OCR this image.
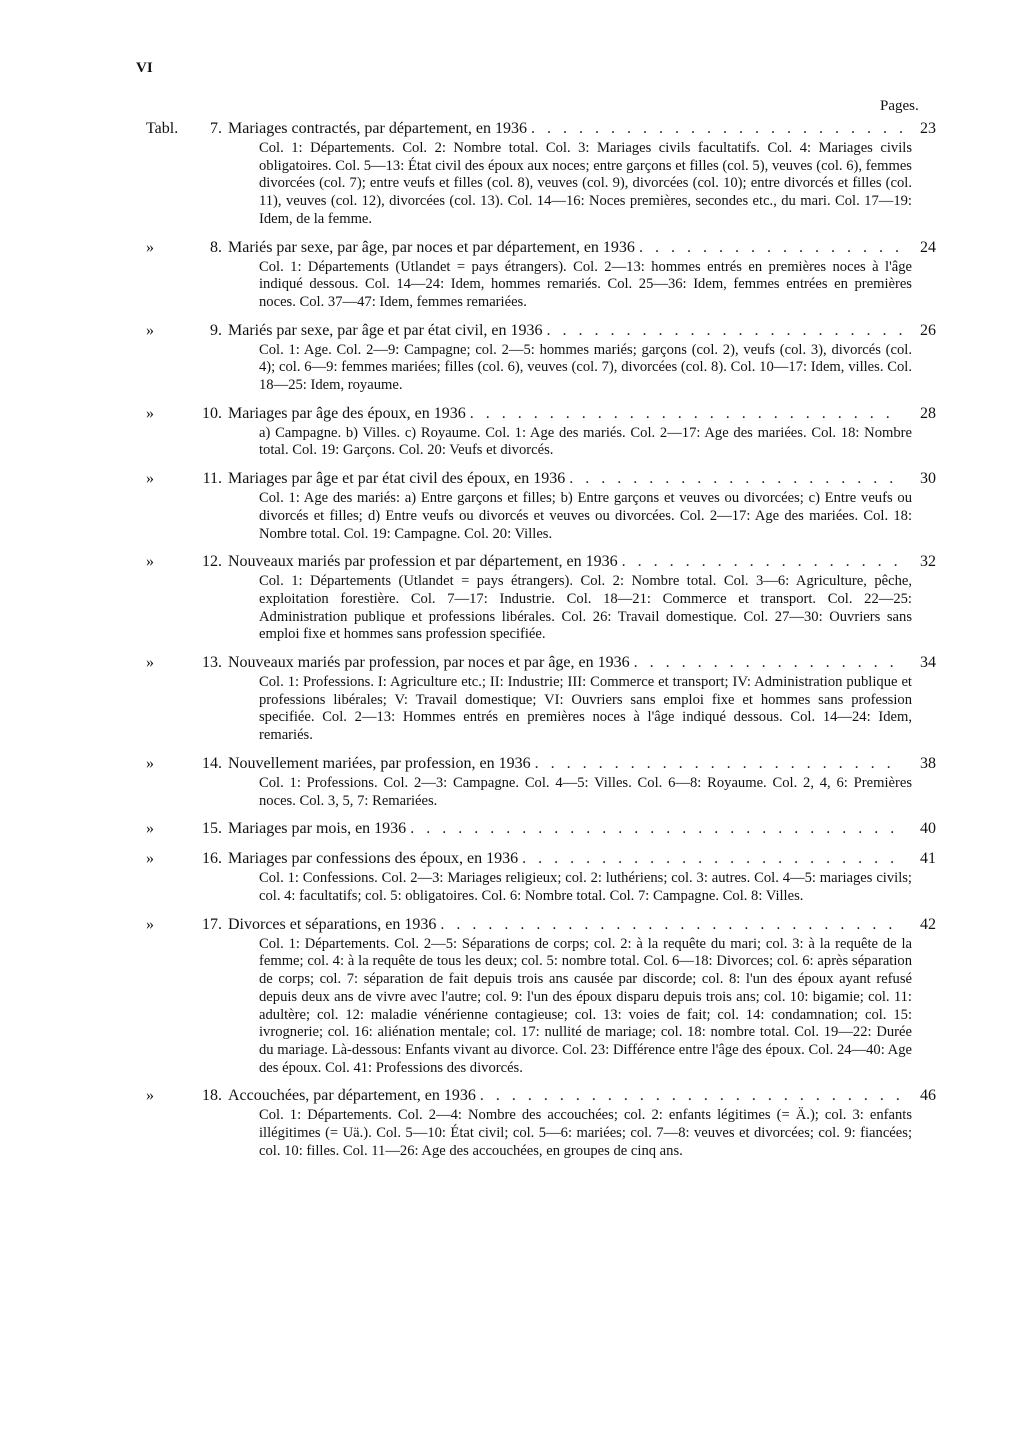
VI
Pages.
Tabl.	7. Mariages contractés, par département, en 1936 . . .	23
Col. 1: Départements. Col. 2: Nombre total. Col. 3: Mariages civils facultatifs. Col. 4: Mariages civils obligatoires. Col. 5—13: État civil des époux aux noces; entre garçons et filles (col. 5), veuves (col. 6), femmes divorcées (col. 7); entre veufs et filles (col. 8), veuves (col. 9), divorcées (col. 10); entre divorcés et filles (col. 11), veuves (col. 12), divorcées (col. 13). Col. 14—16: Noces premières, secondes etc., du mari. Col. 17—19: Idem, de la femme.
»	8. Mariés par sexe, par âge, par noces et par département, en 1936 . . .	24
Col. 1: Départements (Utlandet = pays étrangers). Col. 2—13: hommes entrés en premières noces à l'âge indiqué dessous. Col. 14—24: Idem, hommes remariés. Col. 25—36: Idem, femmes entrées en premières noces. Col. 37—47: Idem, femmes remariées.
»	9. Mariés par sexe, par âge et par état civil, en 1936 . . .	26
Col. 1: Age. Col. 2—9: Campagne; col. 2—5: hommes mariés; garçons (col. 2), veufs (col. 3), divorcés (col. 4); col. 6—9: femmes mariées; filles (col. 6), veuves (col. 7), divorcées (col. 8). Col. 10—17: Idem, villes. Col. 18—25: Idem, royaume.
»	10. Mariages par âge des époux, en 1936 . . .	28
a) Campagne. b) Villes. c) Royaume. Col. 1: Age des mariés. Col. 2—17: Age des mariées. Col. 18: Nombre total. Col. 19: Garçons. Col. 20: Veufs et divorcés.
»	11. Mariages par âge et par état civil des époux, en 1936 . . .	30
Col. 1: Age des mariés: a) Entre garçons et filles; b) Entre garçons et veuves ou divorcées; c) Entre veufs ou divorcés et filles; d) Entre veufs ou divorcés et veuves ou divorcées. Col. 2—17: Age des mariées. Col. 18: Nombre total. Col. 19: Campagne. Col. 20: Villes.
»	12. Nouveaux mariés par profession et par département, en 1936 . . .	32
Col. 1: Départements (Utlandet = pays étrangers). Col. 2: Nombre total. Col. 3—6: Agriculture, pêche, exploitation forestière. Col. 7—17: Industrie. Col. 18—21: Commerce et transport. Col. 22—25: Administration publique et professions libérales. Col. 26: Travail domestique. Col. 27—30: Ouvriers sans emploi fixe et hommes sans profession specifiée.
»	13. Nouveaux mariés par profession, par noces et par âge, en 1936 . . .	34
Col. 1: Professions. I: Agriculture etc.; II: Industrie; III: Commerce et transport; IV: Administration publique et professions libérales; V: Travail domestique; VI: Ouvriers sans emploi fixe et hommes sans profession specifiée. Col. 2—13: Hommes entrés en premières noces à l'âge indiqué dessous. Col. 14—24: Idem, remariés.
»	14. Nouvellement mariées, par profession, en 1936 . . .	38
Col. 1: Professions. Col. 2—3: Campagne. Col. 4—5: Villes. Col. 6—8: Royaume. Col. 2, 4, 6: Premières noces. Col. 3, 5, 7: Remariées.
»	15. Mariages par mois, en 1936 . . .	40
»	16. Mariages par confessions des époux, en 1936 . . .	41
Col. 1: Confessions. Col. 2—3: Mariages religieux; col. 2: luthériens; col. 3: autres. Col. 4—5: mariages civils; col. 4: facultatifs; col. 5: obligatoires. Col. 6: Nombre total. Col. 7: Campagne. Col. 8: Villes.
»	17. Divorces et séparations, en 1936 . . .	42
Col. 1: Départements. Col. 2—5: Séparations de corps; col. 2: à la requête du mari; col. 3: à la requête de la femme; col. 4: à la requête de tous les deux; col. 5: nombre total. Col. 6—18: Divorces; col. 6: après séparation de corps; col. 7: séparation de fait depuis trois ans causée par discorde; col. 8: l'un des époux ayant refusé depuis deux ans de vivre avec l'autre; col. 9: l'un des époux disparu depuis trois ans; col. 10: bigamie; col. 11: adultère; col. 12: maladie vénérienne contagieuse; col. 13: voies de fait; col. 14: condamnation; col. 15: ivrognerie; col. 16: aliénation mentale; col. 17: nullité de mariage; col. 18: nombre total. Col. 19—22: Durée du mariage. Là-dessous: Enfants vivant au divorce. Col. 23: Différence entre l'âge des époux. Col. 24—40: Age des époux. Col. 41: Professions des divorcés.
»	18. Accouchées, par département, en 1936 . . .	46
Col. 1: Départements. Col. 2—4: Nombre des accouchées; col. 2: enfants légitimes (= Ä.); col. 3: enfants illégitimes (= Uä.). Col. 5—10: État civil; col. 5—6: mariées; col. 7—8: veuves et divorcées; col. 9: fiancées; col. 10: filles. Col. 11—26: Age des accouchées, en groupes de cinq ans.
